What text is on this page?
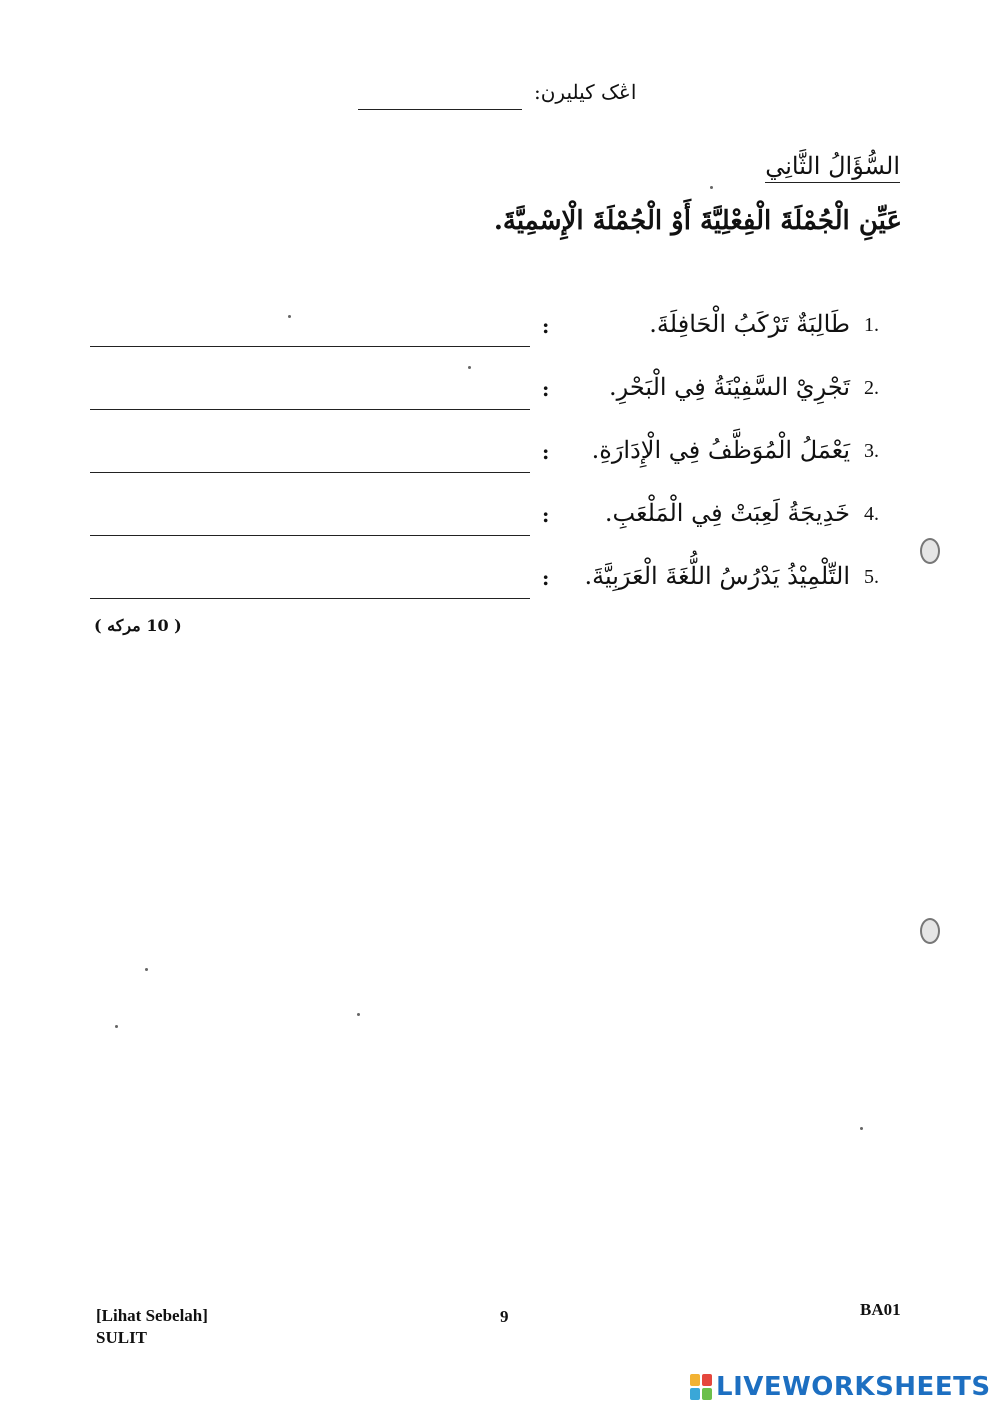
اڠک کيليرن:
السُّؤَالُ الثَّانِي
عَيِّنِ الْجُمْلَةَ الْفِعْلِيَّةَ أَوْ الْجُمْلَةَ الْإِسْمِيَّةَ.
1.
طَالِبَةٌ تَرْكَبُ الْحَافِلَةَ.
:
2.
تَجْرِيْ السَّفِيْنَةُ فِي الْبَحْرِ.
:
3.
يَعْمَلُ الْمُوَظَّفُ فِي الْإِدَارَةِ.
:
4.
خَدِيجَةُ لَعِبَتْ فِي الْمَلْعَبِ.
:
5.
التِّلْمِيْذُ يَدْرُسُ اللُّغَةَ الْعَرَبِيَّةَ.
:
( 10 مركه )
[Lihat Sebelah]
SULIT
9	BA01
LIVEWORKSHEETS
